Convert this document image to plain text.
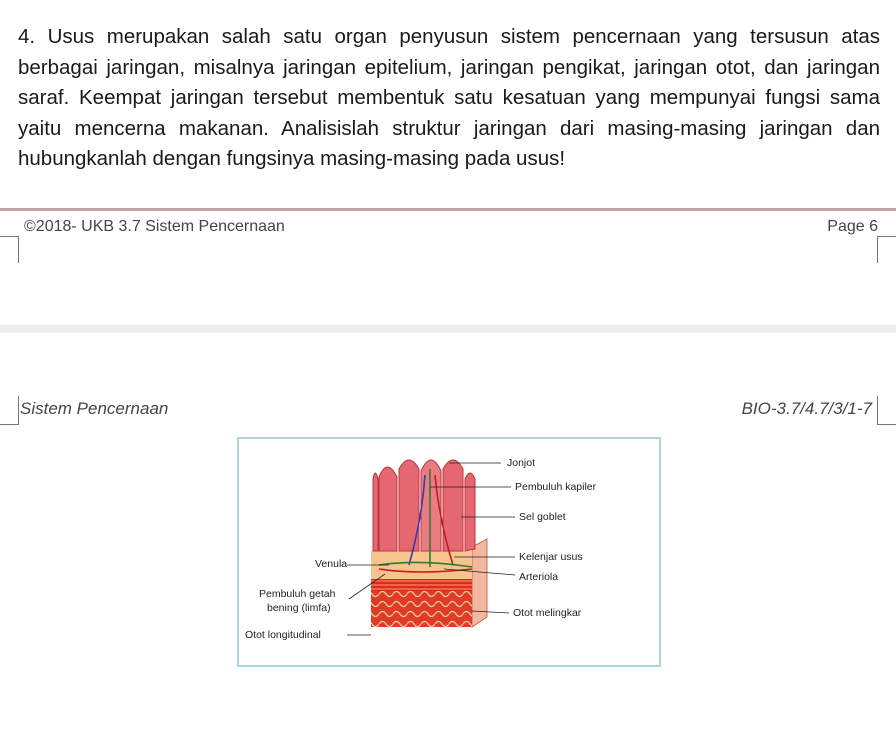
4. Usus merupakan salah satu organ penyusun sistem pencernaan yang tersusun atas berbagai jaringan, misalnya jaringan epitelium, jaringan pengikat, jaringan otot, dan jaringan saraf. Keempat jaringan tersebut membentuk satu kesatuan yang mempunyai fungsi sama yaitu mencerna makanan. Analisislah struktur jaringan dari masing-masing jaringan dan hubungkanlah dengan fungsinya masing-masing pada usus!
©2018- UKB 3.7 Sistem Pencernaan	Page 6
Sistem Pencernaan	BIO-3.7/4.7/3/1-7
Jonjot
Pembuluh kapiler
Sel goblet
Kelenjar usus
Arteriola
Otot melingkar
Venula
Pembuluh getah
bening (limfa)
Otot longitudinal
